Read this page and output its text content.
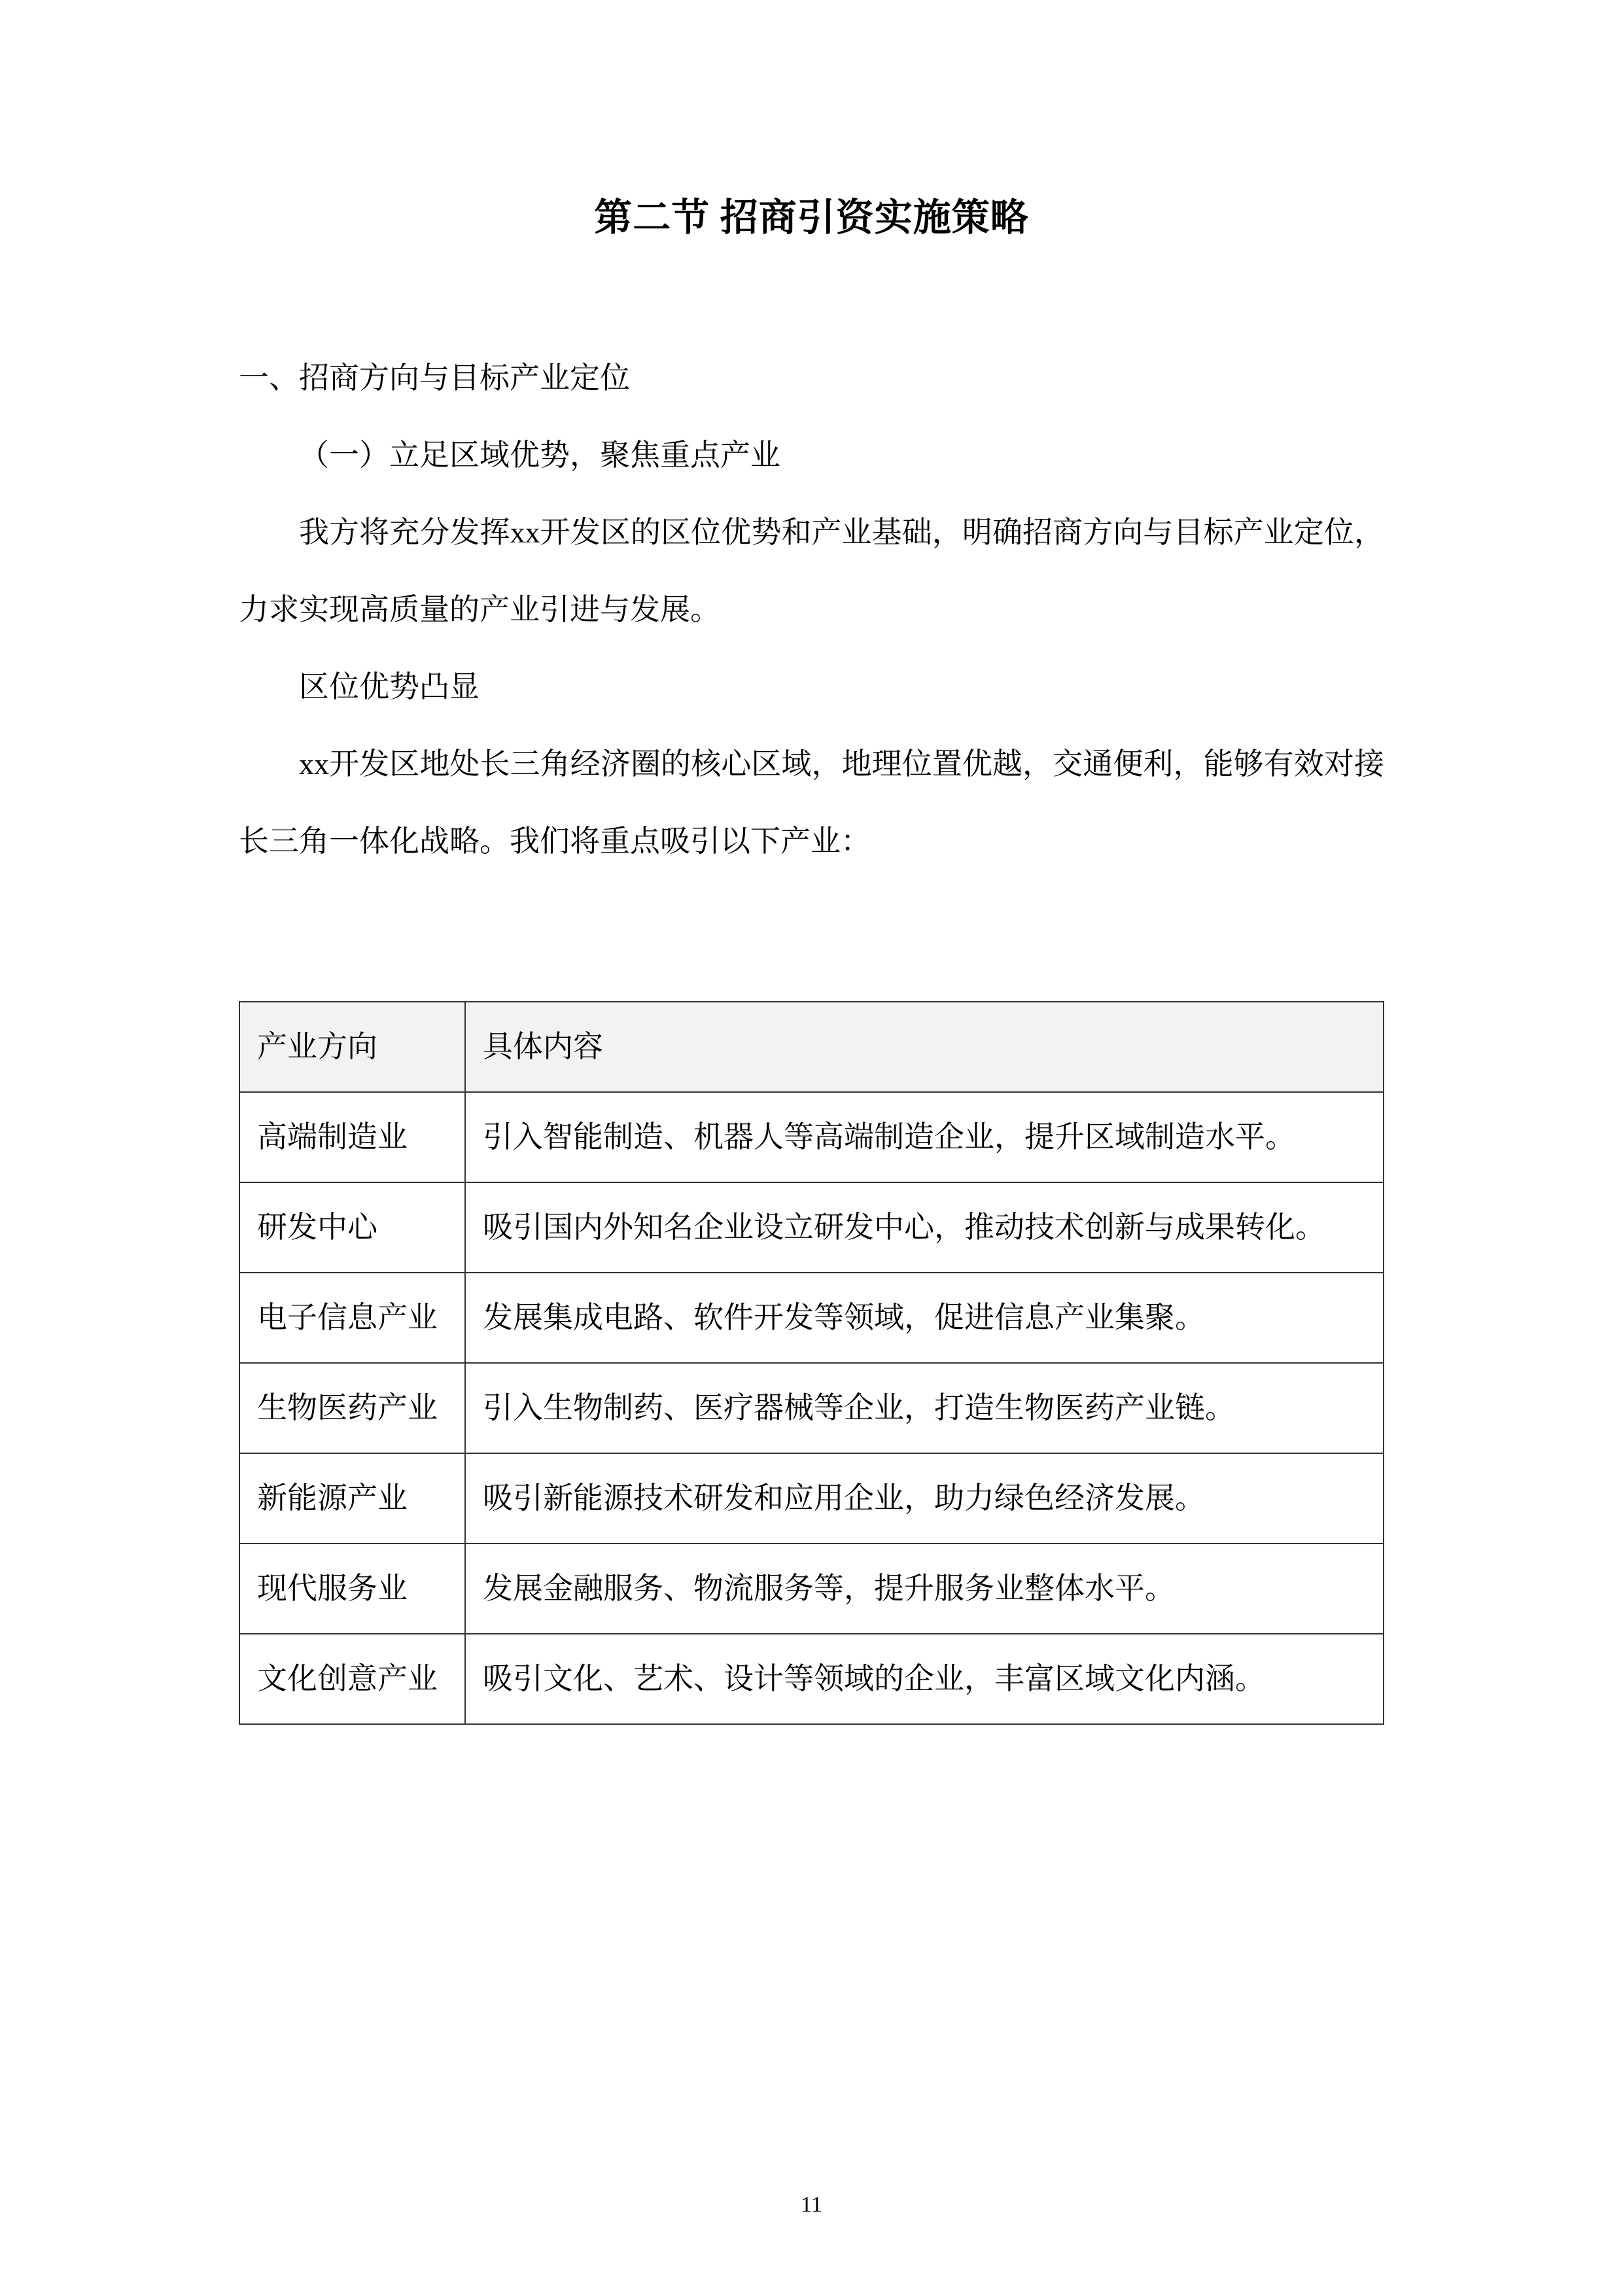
第二节 招商引资实施策略

一、招商方向与目标产业定位

（一）立足区域优势，聚焦重点产业

我方将充分发挥xx开发区的区位优势和产业基础，明确招商方向与目标产业定位，力求实现高质量的产业引进与发展。

区位优势凸显

xx开发区地处长三角经济圈的核心区域，地理位置优越，交通便利，能够有效对接长三角一体化战略。我们将重点吸引以下产业：

产业方向	具体内容
高端制造业	引入智能制造、机器人等高端制造企业，提升区域制造水平。
研发中心	吸引国内外知名企业设立研发中心，推动技术创新与成果转化。
电子信息产业	发展集成电路、软件开发等领域，促进信息产业集聚。
生物医药产业	引入生物制药、医疗器械等企业，打造生物医药产业链。
新能源产业	吸引新能源技术研发和应用企业，助力绿色经济发展。
现代服务业	发展金融服务、物流服务等，提升服务业整体水平。
文化创意产业	吸引文化、艺术、设计等领域的企业，丰富区域文化内涵。
11
